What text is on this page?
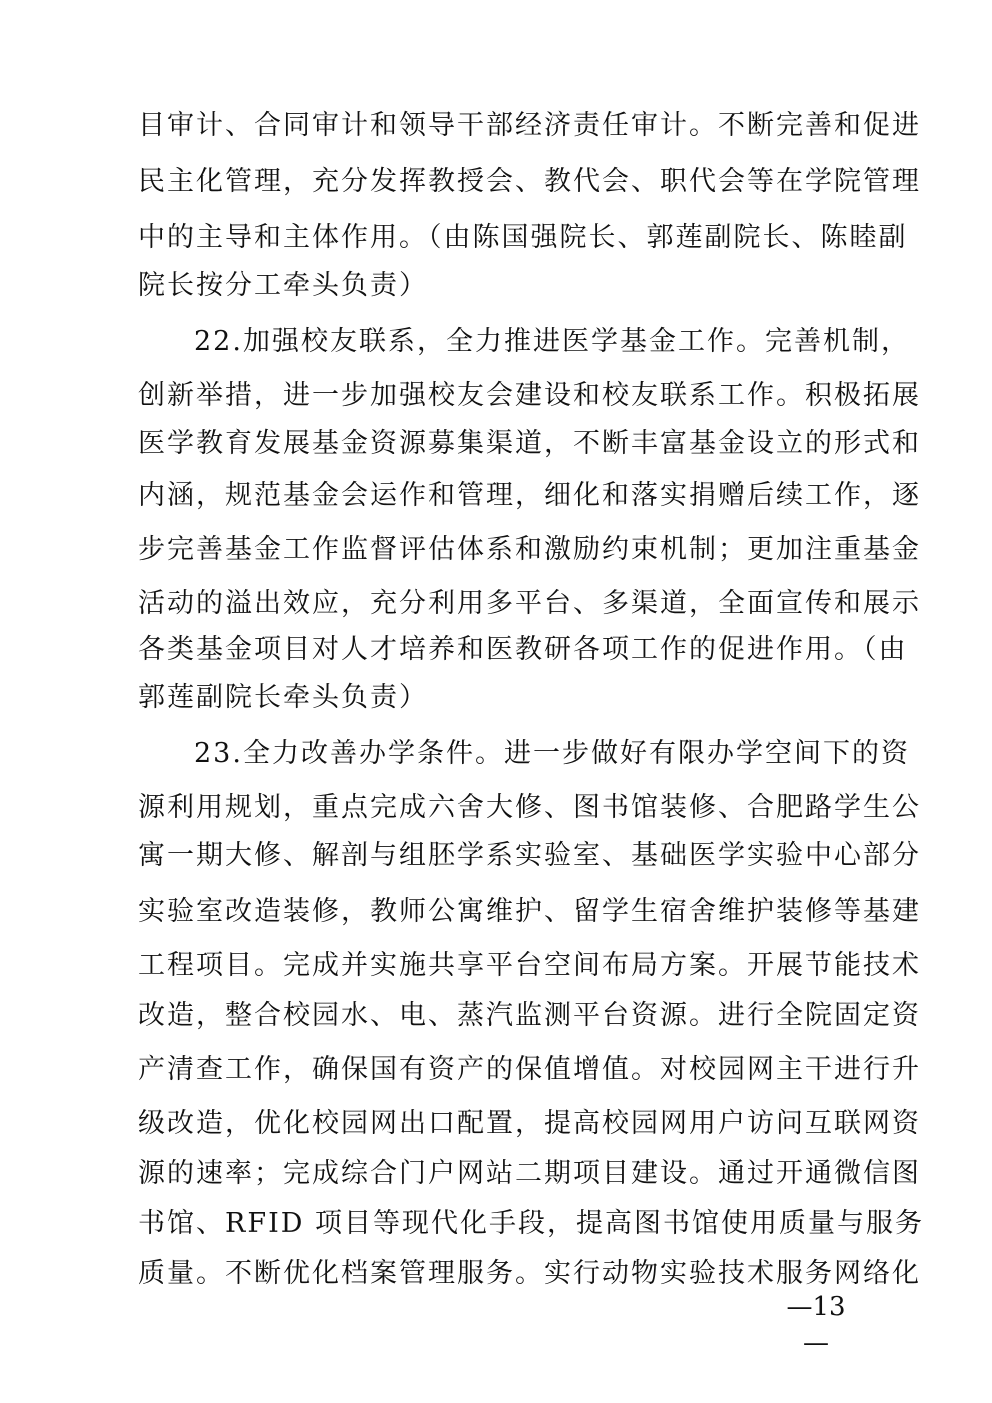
目审计、合同审计和领导干部经济责任审计。不断完善和促进
民主化管理，充分发挥教授会、教代会、职代会等在学院管理
中的主导和主体作用。（由陈国强院长、郭莲副院长、陈睦副
院长按分工牵头负责）
22.加强校友联系，全力推进医学基金工作。完善机制，
创新举措，进一步加强校友会建设和校友联系工作。积极拓展
医学教育发展基金资源募集渠道，不断丰富基金设立的形式和
内涵，规范基金会运作和管理，细化和落实捐赠后续工作，逐
步完善基金工作监督评估体系和激励约束机制；更加注重基金
活动的溢出效应，充分利用多平台、多渠道，全面宣传和展示
各类基金项目对人才培养和医教研各项工作的促进作用。（由
郭莲副院长牵头负责）
23.全力改善办学条件。进一步做好有限办学空间下的资
源利用规划，重点完成六舍大修、图书馆装修、合肥路学生公
寓一期大修、解剖与组胚学系实验室、基础医学实验中心部分
实验室改造装修，教师公寓维护、留学生宿舍维护装修等基建
工程项目。完成并实施共享平台空间布局方案。开展节能技术
改造，整合校园水、电、蒸汽监测平台资源。进行全院固定资
产清查工作，确保国有资产的保值增值。对校园网主干进行升
级改造，优化校园网出口配置，提高校园网用户访问互联网资
源的速率；完成综合门户网站二期项目建设。通过开通微信图
书馆、RFID 项目等现代化手段，提高图书馆使用质量与服务
质量。不断优化档案管理服务。实行动物实验技术服务网络化
—13—
